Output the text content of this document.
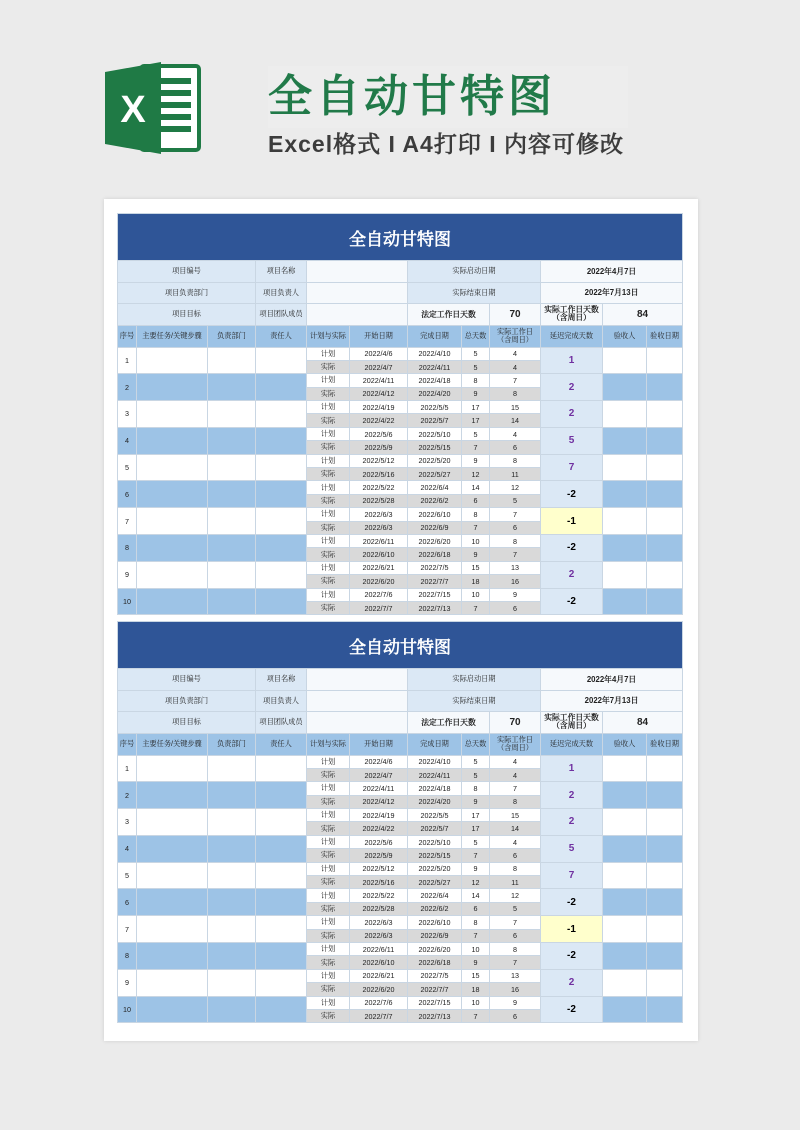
X	全自动甘特图
Excel格式 I A4打印 I 内容可修改
全自动甘特图											
项目编号			项目名称			实际启动日期			2022年4月7日		
项目负责部门			项目负责人			实际结束日期			2022年7月13日		
项目目标			项目团队成员			法定工作日天数		70	实际工作日天数（含周日）	84	
序号	主要任务/关键步骤	负责部门	责任人	计划与实际	开始日期	完成日期	总天数	实际工作日（含周日）	延迟完成天数	验收人	验收日期
1				计划	2022/4/6	2022/4/10	5	4	1		
				实际	2022/4/7	2022/4/11	5	4			
2				计划	2022/4/11	2022/4/18	8	7	2		
				实际	2022/4/12	2022/4/20	9	8			
3				计划	2022/4/19	2022/5/5	17	15	2		
				实际	2022/4/22	2022/5/7	17	14			
4				计划	2022/5/6	2022/5/10	5	4	5		
				实际	2022/5/9	2022/5/15	7	6			
5				计划	2022/5/12	2022/5/20	9	8	7		
				实际	2022/5/16	2022/5/27	12	11			
6				计划	2022/5/22	2022/6/4	14	12	-2		
				实际	2022/5/28	2022/6/2	6	5			
7				计划	2022/6/3	2022/6/10	8	7	-1		
				实际	2022/6/3	2022/6/9	7	6			
8				计划	2022/6/11	2022/6/20	10	8	-2		
				实际	2022/6/10	2022/6/18	9	7			
9				计划	2022/6/21	2022/7/5	15	13	2		
				实际	2022/6/20	2022/7/7	18	16			
10				计划	2022/7/6	2022/7/15	10	9	-2		
				实际	2022/7/7	2022/7/13	7	6			
全自动甘特图											
项目编号			项目名称			实际启动日期			2022年4月7日		
项目负责部门			项目负责人			实际结束日期			2022年7月13日		
项目目标			项目团队成员			法定工作日天数		70	实际工作日天数（含周日）	84	
序号	主要任务/关键步骤	负责部门	责任人	计划与实际	开始日期	完成日期	总天数	实际工作日（含周日）	延迟完成天数	验收人	验收日期
1				计划	2022/4/6	2022/4/10	5	4	1		
				实际	2022/4/7	2022/4/11	5	4			
2				计划	2022/4/11	2022/4/18	8	7	2		
				实际	2022/4/12	2022/4/20	9	8			
3				计划	2022/4/19	2022/5/5	17	15	2		
				实际	2022/4/22	2022/5/7	17	14			
4				计划	2022/5/6	2022/5/10	5	4	5		
				实际	2022/5/9	2022/5/15	7	6			
5				计划	2022/5/12	2022/5/20	9	8	7		
				实际	2022/5/16	2022/5/27	12	11			
6				计划	2022/5/22	2022/6/4	14	12	-2		
				实际	2022/5/28	2022/6/2	6	5			
7				计划	2022/6/3	2022/6/10	8	7	-1		
				实际	2022/6/3	2022/6/9	7	6			
8				计划	2022/6/11	2022/6/20	10	8	-2		
				实际	2022/6/10	2022/6/18	9	7			
9				计划	2022/6/21	2022/7/5	15	13	2		
				实际	2022/6/20	2022/7/7	18	16			
10				计划	2022/7/6	2022/7/15	10	9	-2		
				实际	2022/7/7	2022/7/13	7	6			
